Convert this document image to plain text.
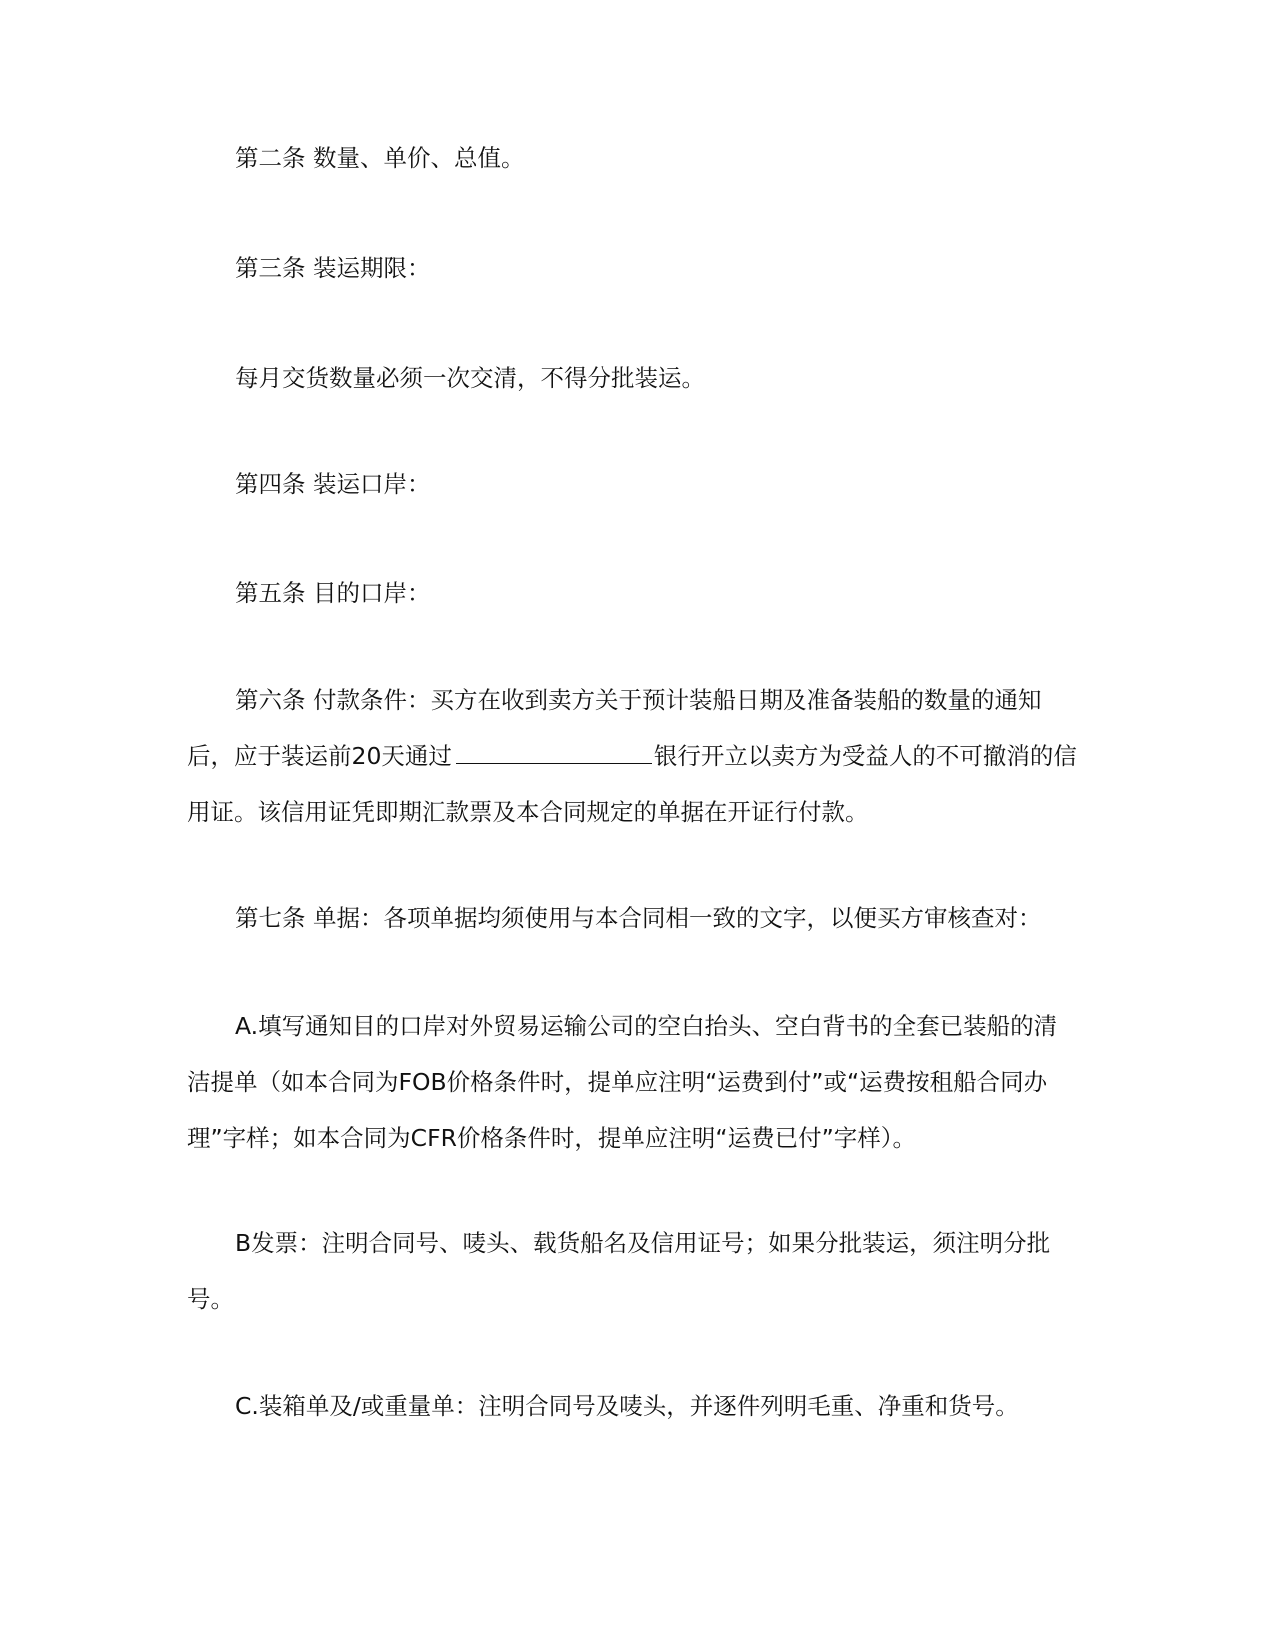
第二条 数量、单价、总值。

第三条 装运期限：

每月交货数量必须一次交清，不得分批装运。

第四条 装运口岸：

第五条 目的口岸：

第六条 付款条件：买方在收到卖方关于预计装船日期及准备装船的数量的通知后，应于装运前20天通过	银行开立以卖方为受益人的不可撤消的信用证。该信用证凭即期汇款票及本合同规定的单据在开证行付款。

第七条 单据：各项单据均须使用与本合同相一致的文字，以便买方审核查对：

A.填写通知目的口岸对外贸易运输公司的空白抬头、空白背书的全套已装船的清洁提单（如本合同为FOB价格条件时，提单应注明“运费到付”或“运费按租船合同办理”字样；如本合同为CFR价格条件时，提单应注明“运费已付”字样）。

B发票：注明合同号、唛头、载货船名及信用证号；如果分批装运，须注明分批号。

C.装箱单及/或重量单：注明合同号及唛头，并逐件列明毛重、净重和货号。
